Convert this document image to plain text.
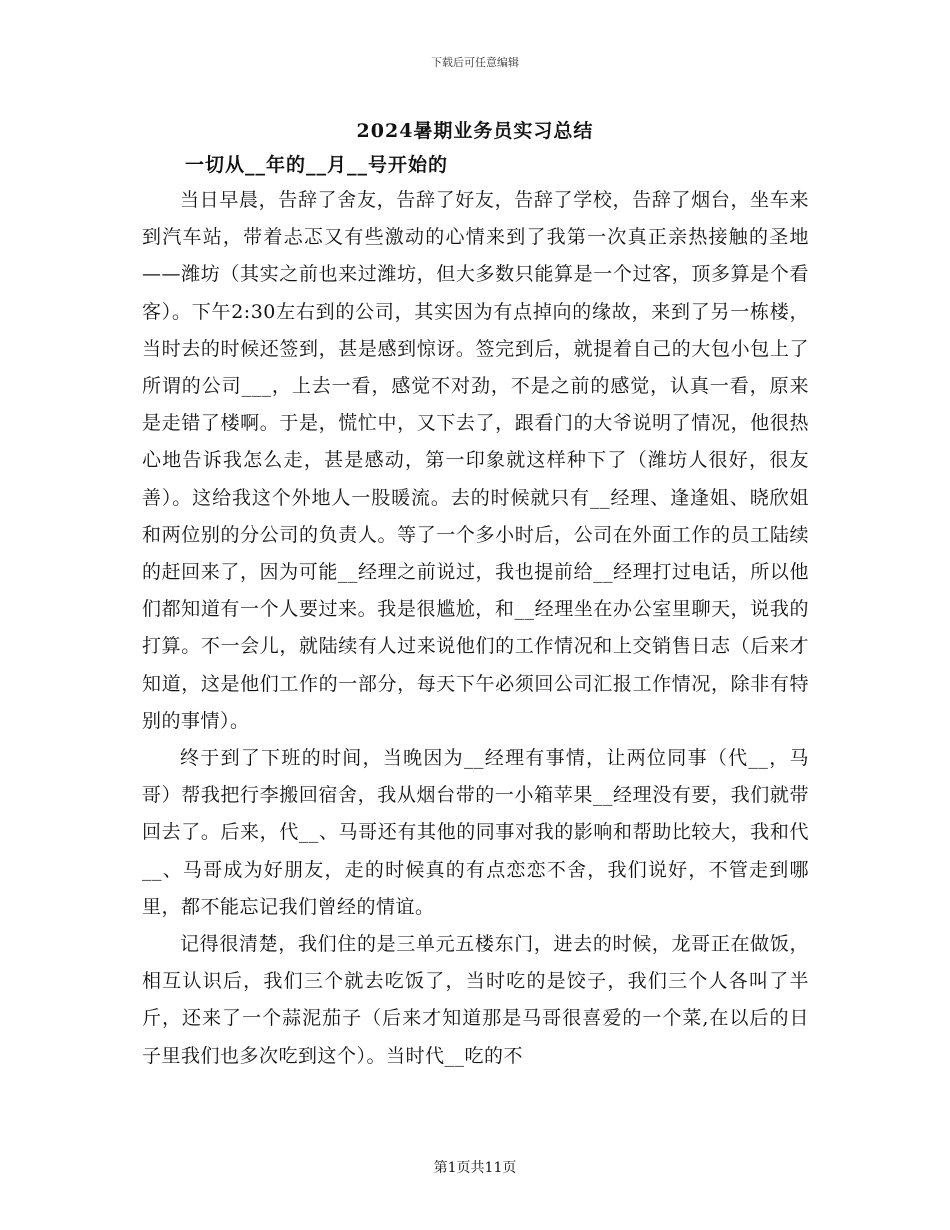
下载后可任意编辑
2024暑期业务员实习总结
一切从__年的__月__号开始的

当日早晨，告辞了舍友，告辞了好友，告辞了学校，告辞了烟台，坐车来到汽车站，带着忐忑又有些激动的心情来到了我第一次真正亲热接触的圣地——潍坊（其实之前也来过潍坊，但大多数只能算是一个过客，顶多算是个看客）。下午2:30左右到的公司，其实因为有点掉向的缘故，来到了另一栋楼，当时去的时候还签到，甚是感到惊讶。签完到后，就提着自己的大包小包上了所谓的公司___，上去一看，感觉不对劲，不是之前的感觉，认真一看，原来是走错了楼啊。于是，慌忙中，又下去了，跟看门的大爷说明了情况，他很热心地告诉我怎么走，甚是感动，第一印象就这样种下了（潍坊人很好，很友善）。这给我这个外地人一股暖流。去的时候就只有__经理、逢逢姐、晓欣姐和两位别的分公司的负责人。等了一个多小时后，公司在外面工作的员工陆续的赶回来了，因为可能__经理之前说过，我也提前给__经理打过电话，所以他们都知道有一个人要过来。我是很尴尬，和__经理坐在办公室里聊天，说我的打算。不一会儿，就陆续有人过来说他们的工作情况和上交销售日志（后来才知道，这是他们工作的一部分，每天下午必须回公司汇报工作情况，除非有特别的事情）。

终于到了下班的时间，当晚因为__经理有事情，让两位同事（代__，马哥）帮我把行李搬回宿舍，我从烟台带的一小箱苹果__经理没有要，我们就带回去了。后来，代__、马哥还有其他的同事对我的影响和帮助比较大，我和代__、马哥成为好朋友，走的时候真的有点恋恋不舍，我们说好，不管走到哪里，都不能忘记我们曾经的情谊。

记得很清楚，我们住的是三单元五楼东门，进去的时候，龙哥正在做饭，相互认识后，我们三个就去吃饭了，当时吃的是饺子，我们三个人各叫了半斤，还来了一个蒜泥茄子（后来才知道那是马哥很喜爱的一个菜,在以后的日子里我们也多次吃到这个）。当时代__吃的不

第1页共11页
